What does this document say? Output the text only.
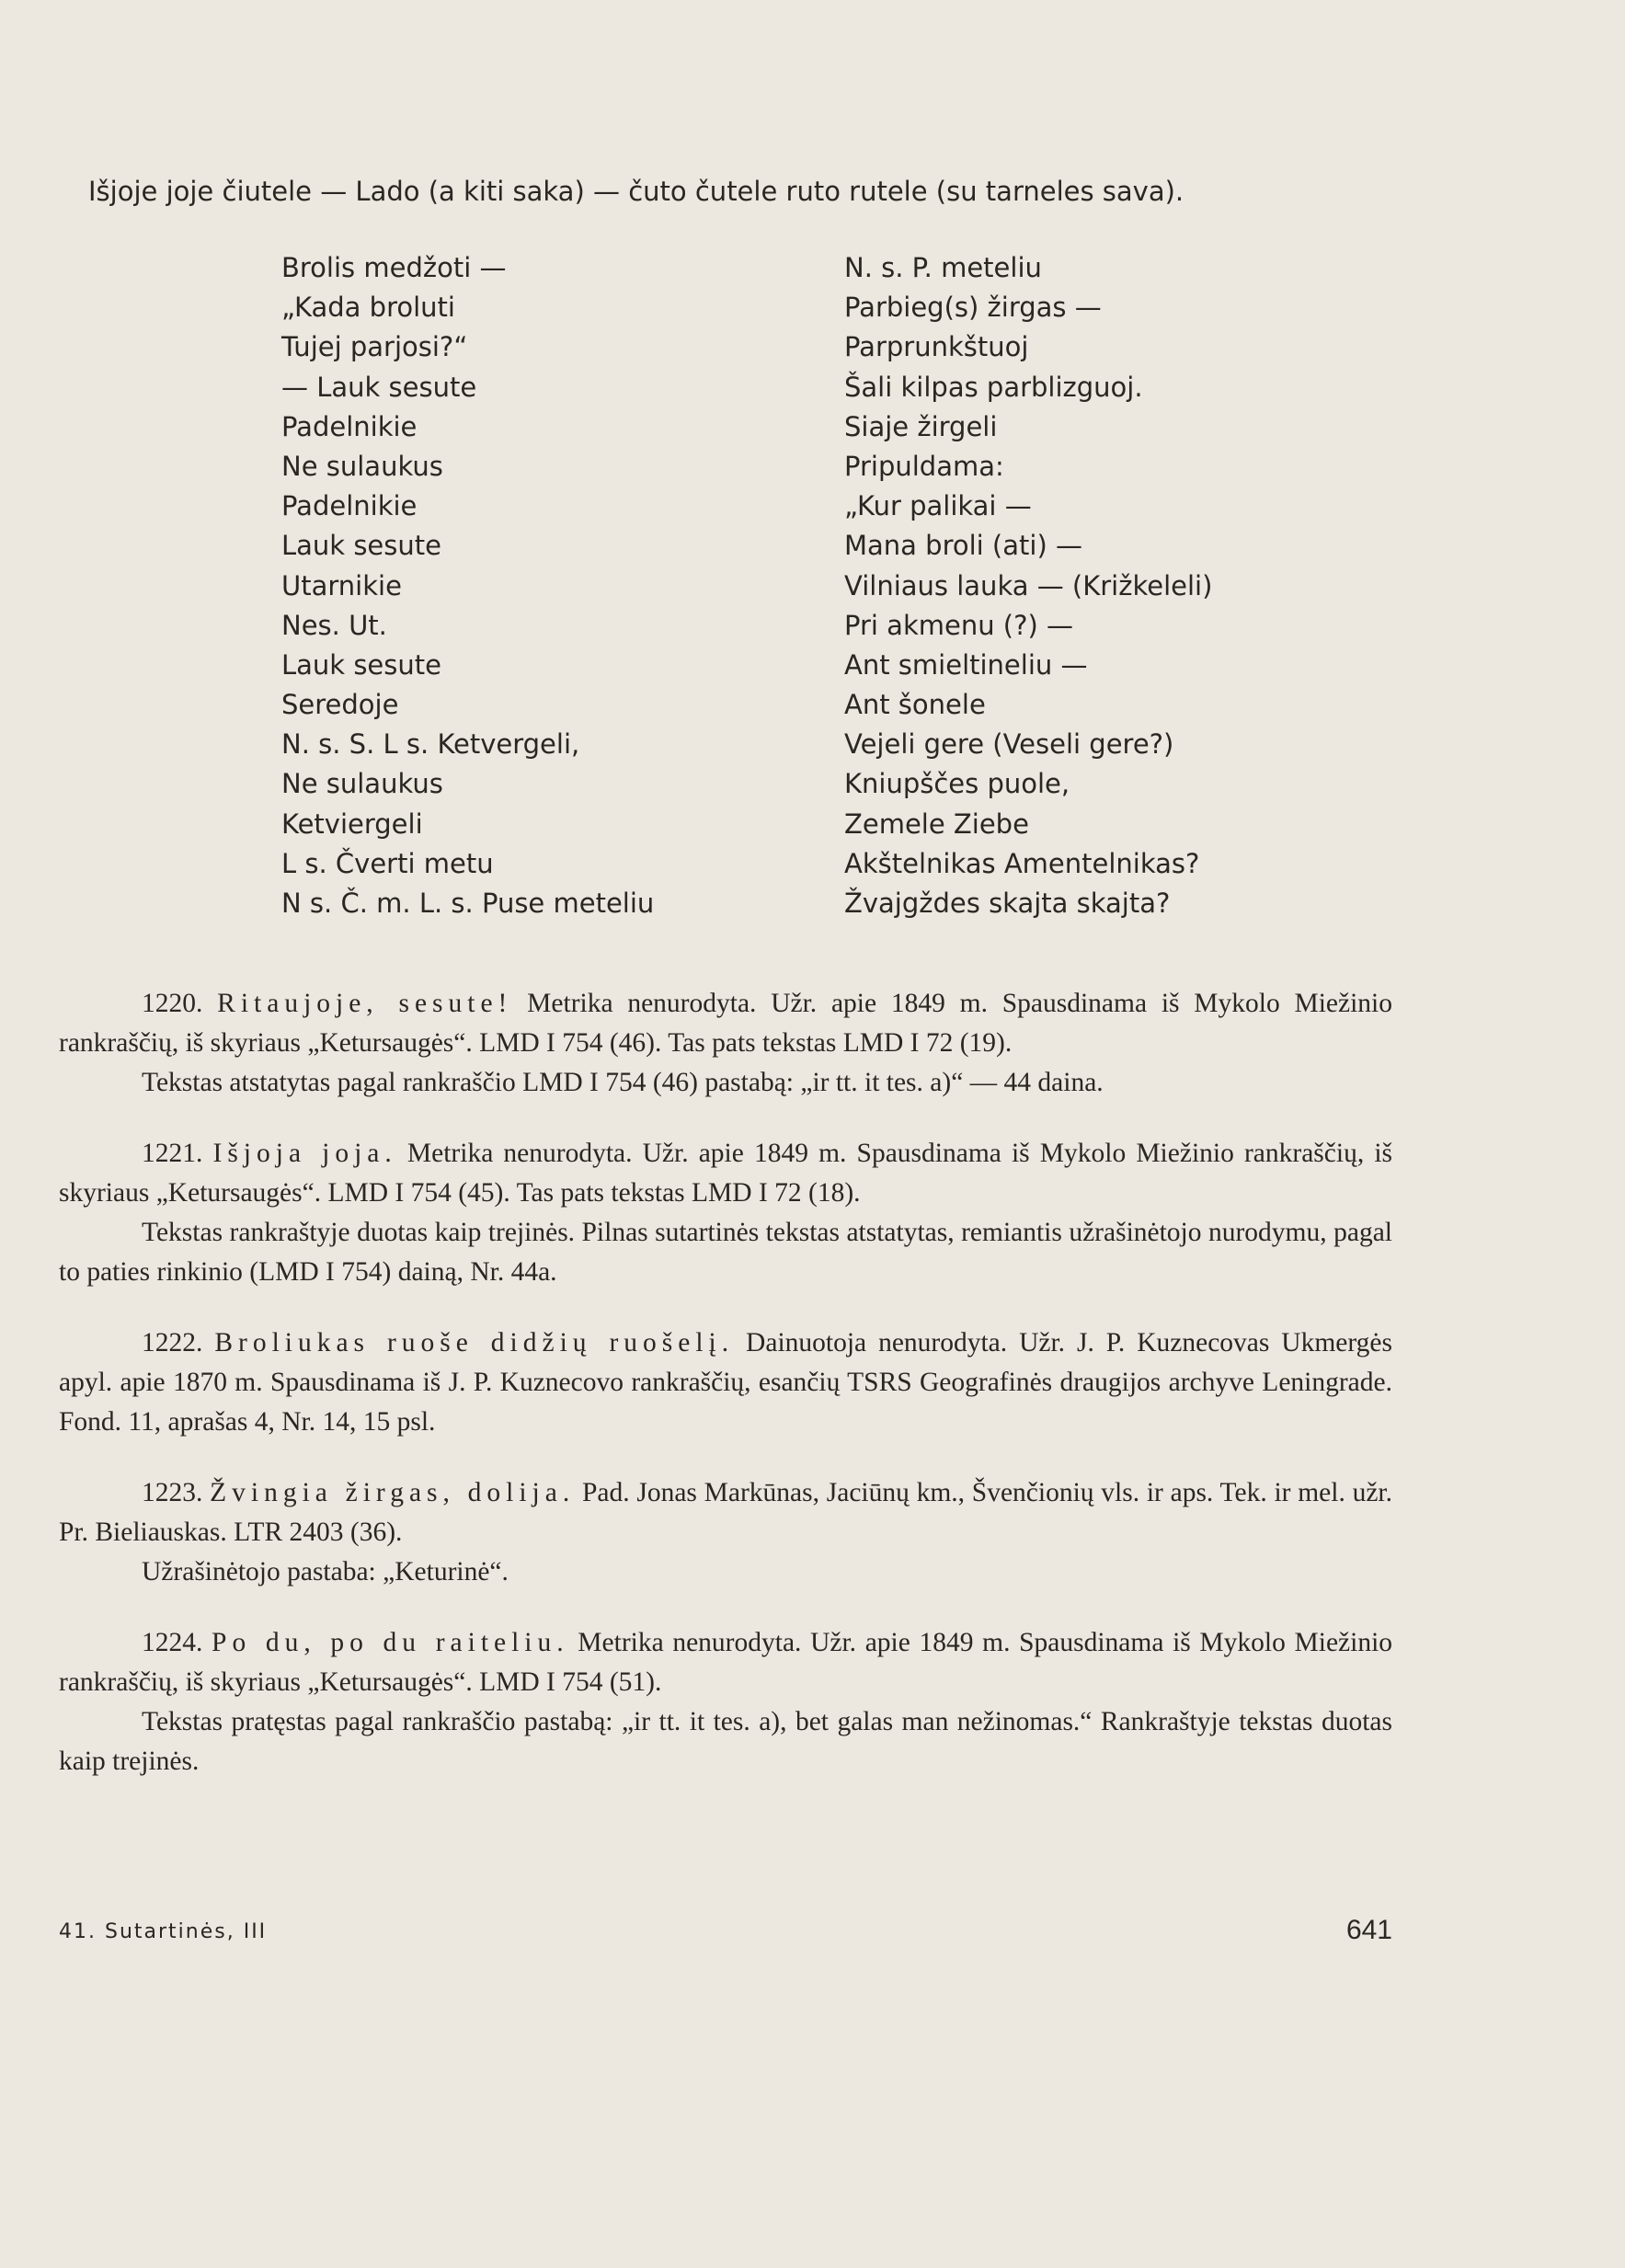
Išjoje joje čiutele — Lado (a kiti saka) — čuto čutele ruto rutele (su tarneles sava).
Brolis medžoti —
„Kada broluti
Tujej parjosi?“
— Lauk sesute
Padelnikie
Ne sulaukus
Padelnikie
Lauk sesute
Utarnikie
Nes. Ut.
Lauk sesute
Seredoje
N. s. S. L s. Ketvergeli,
Ne sulaukus
Ketviergeli
L s. Čverti metu
N s. Č. m. L. s. Puse meteliu
N. s. P. meteliu
Parbieg(s) žirgas —
Parprunkštuoj
Šali kilpas parblizguoj.
Siaje žirgeli
Pripuldama:
„Kur palikai —
Mana broli (ati) —
Vilniaus lauka — (Križkeleli)
Pri akmenu (?) —
Ant smieltineliu —
Ant šonele
Vejeli gere (Veseli gere?)
Kniupščes puole,
Zemele Ziebe
Akštelnikas Amentelnikas?
Žvajgždes skajta skajta?

1220. Ritaujoje, sesute! Metrika nenurodyta. Užr. apie 1849 m. Spausdinama iš Mykolo Miežinio rankraščių, iš skyriaus „Ketursaugės“. LMD I 754 (46). Tas pats tekstas LMD I 72 (19).

Tekstas atstatytas pagal rankraščio LMD I 754 (46) pastabą: „ir tt. it tes. a)“ — 44 daina.

1221. Išjoja joja. Metrika nenurodyta. Užr. apie 1849 m. Spausdinama iš Mykolo Miežinio rankraščių, iš skyriaus „Ketursaugės“. LMD I 754 (45). Tas pats tekstas LMD I 72 (18).

Tekstas rankraštyje duotas kaip trejinės. Pilnas sutartinės tekstas atstatytas, remiantis užrašinėtojo nurodymu, pagal to paties rinkinio (LMD I 754) dainą, Nr. 44a.

1222. Broliukas ruoše didžių ruošelį. Dainuotoja nenurodyta. Užr. J. P. Kuznecovas Ukmergės apyl. apie 1870 m. Spausdinama iš J. P. Kuznecovo rankraščių, esančių TSRS Geografinės draugijos archyve Leningrade. Fond. 11, aprašas 4, Nr. 14, 15 psl.

1223. Žvingia žirgas, dolija. Pad. Jonas Markūnas, Jaciūnų km., Švenčionių vls. ir aps. Tek. ir mel. užr. Pr. Bieliauskas. LTR 2403 (36).

Užrašinėtojo pastaba: „Keturinė“.

1224. Po du, po du raiteliu. Metrika nenurodyta. Užr. apie 1849 m. Spausdinama iš Mykolo Miežinio rankraščių, iš skyriaus „Ketursaugės“. LMD I 754 (51).

Tekstas pratęstas pagal rankraščio pastabą: „ir tt. it tes. a), bet galas man nežinomas.“ Rankraštyje tekstas duotas kaip trejinės.

41. Sutartinės, III	641
